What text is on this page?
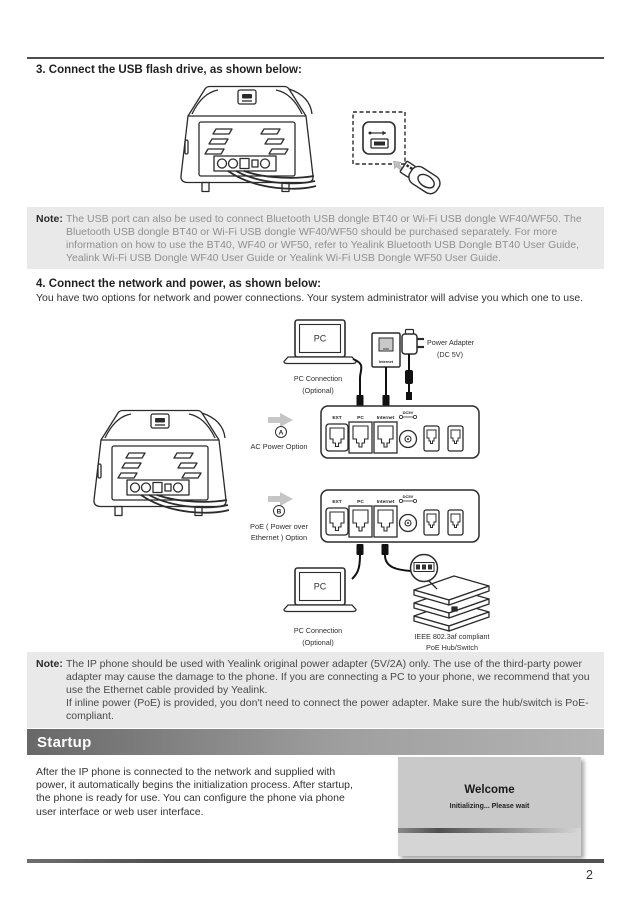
3. Connect the USB flash drive, as shown below:
Note: The USB port can also be used to connect Bluetooth USB dongle BT40 or Wi-Fi USB dongle WF40/WF50. The Bluetooth USB dongle BT40 or Wi-Fi USB dongle WF40/WF50 should be purchased separately. For more information on how to use the BT40, WF40 or WF50, refer to Yealink Bluetooth USB Dongle BT40 User Guide, Yealink Wi-Fi USB Dongle WF40 User Guide or Yealink Wi-Fi USB Dongle WF50 User Guide.
4. Connect the network and power, as shown below:
You have two options for network and power connections. Your system administrator will advise you which one to use.
PC
PC Connection
(Optional)
Internet
Power Adapter
(DC 5V)
EXT	PC	Internet
DC5V
A
AC Power Option
B
PoE ( Power over
Ethernet ) Option
EXT	PC	Internet
DC5V
PC
PC Connection
(Optional)
IEEE 802.3af compliant
PoE Hub/Switch
Note: The IP phone should be used with Yealink original power adapter (5V/2A) only. The use of the third-party power adapter may cause the damage to the phone. If you are connecting a PC to your phone, we recommend that you use the Ethernet cable provided by Yealink.
If inline power (PoE) is provided, you don't need to connect the power adapter. Make sure the hub/switch is PoE-compliant.
Startup
After the IP phone is connected to the network and supplied with power, it automatically begins the initialization process. After startup, the phone is ready for use. You can configure the phone via phone user interface or web user interface.
Welcome
Initializing... Please wait
2
